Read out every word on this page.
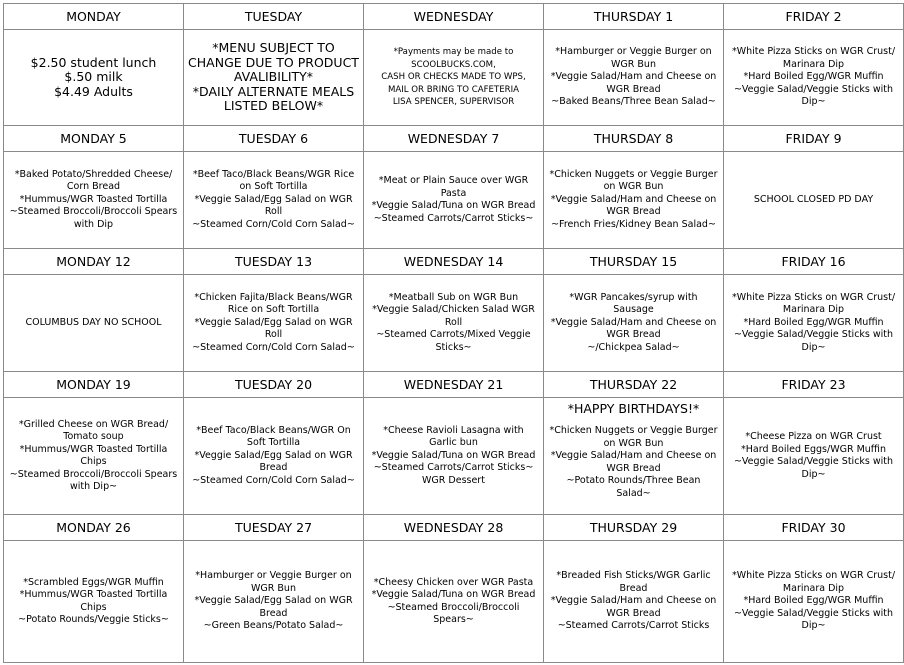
MONDAY	TUESDAY	WEDNESDAY	THURSDAY 1	FRIDAY 2

$2.50 student lunch
$.50 milk
$4.49 Adults	*MENU SUBJECT TO CHANGE DUE TO PRODUCT AVALIBILITY*
*DAILY ALTERNATE MEALS LISTED BELOW*	*Payments may be made to SCOOLBUCKS.COM,
CASH OR CHECKS MADE TO WPS,
MAIL OR BRING TO CAFETERIA
LISA SPENCER, SUPERVISOR	*Hamburger or Veggie Burger on WGR Bun
*Veggie Salad/Ham and Cheese on WGR Bread
~Baked Beans/Three Bean Salad~	*White Pizza Sticks on WGR Crust/ Marinara Dip
*Hard Boiled Egg/WGR Muffin
~Veggie Salad/Veggie Sticks with Dip~

MONDAY 5	TUESDAY 6	WEDNESDAY 7	THURSDAY 8	FRIDAY 9

*Baked Potato/Shredded Cheese/ Corn Bread
*Hummus/WGR Toasted Tortilla
~Steamed Broccoli/Broccoli Spears with Dip	*Beef Taco/Black Beans/WGR Rice on Soft Tortilla
*Veggie Salad/Egg Salad on WGR Roll
~Steamed Corn/Cold Corn Salad~	*Meat or Plain Sauce over WGR Pasta
*Veggie Salad/Tuna on WGR Bread
~Steamed Carrots/Carrot Sticks~	*Chicken Nuggets or Veggie Burger on WGR Bun
*Veggie Salad/Ham and Cheese on WGR Bread
~French Fries/Kidney Bean Salad~	SCHOOL CLOSED PD DAY

MONDAY 12	TUESDAY 13	WEDNESDAY 14	THURSDAY 15	FRIDAY 16

COLUMBUS DAY NO SCHOOL	*Chicken Fajita/Black Beans/WGR Rice on Soft Tortilla
*Veggie Salad/Egg Salad on WGR Roll
~Steamed Corn/Cold Corn Salad~	*Meatball Sub on WGR Bun
*Veggie Salad/Chicken Salad WGR Roll
~Steamed Carrots/Mixed Veggie Sticks~	*WGR Pancakes/syrup with Sausage
*Veggie Salad/Ham and Cheese on WGR Bread
~/Chickpea Salad~	*White Pizza Sticks on WGR Crust/ Marinara Dip
*Hard Boiled Egg/WGR Muffin
~Veggie Salad/Veggie Sticks with Dip~

MONDAY 19	TUESDAY 20	WEDNESDAY 21	THURSDAY 22	FRIDAY 23

*Grilled Cheese on WGR Bread/ Tomato soup
*Hummus/WGR Toasted Tortilla Chips
~Steamed Broccoli/Broccoli Spears with Dip~	*Beef Taco/Black Beans/WGR On Soft Tortilla
*Veggie Salad/Egg Salad on WGR Bread
~Steamed Corn/Cold Corn Salad~	*Cheese Ravioli Lasagna with Garlic bun
*Veggie Salad/Tuna on WGR Bread
~Steamed Carrots/Carrot Sticks~
WGR Dessert	*HAPPY BIRTHDAYS!*
*Chicken Nuggets or Veggie Burger on WGR Bun
*Veggie Salad/Ham and Cheese on WGR Bread
~Potato Rounds/Three Bean Salad~	*Cheese Pizza on WGR Crust
*Hard Boiled Eggs/WGR Muffin
~Veggie Salad/Veggie Sticks with Dip~

MONDAY 26	TUESDAY 27	WEDNESDAY 28	THURSDAY 29	FRIDAY 30

*Scrambled Eggs/WGR Muffin
*Hummus/WGR Toasted Tortilla Chips
~Potato Rounds/Veggie Sticks~	*Hamburger or Veggie Burger on WGR Bun
*Veggie Salad/Egg Salad on WGR Bread
~Green Beans/Potato Salad~	*Cheesy Chicken over WGR Pasta
*Veggie Salad/Tuna on WGR Bread
~Steamed Broccoli/Broccoli Spears~	*Breaded Fish Sticks/WGR Garlic Bread
*Veggie Salad/Ham and Cheese on WGR Bread
~Steamed Carrots/Carrot Sticks	*White Pizza Sticks on WGR Crust/ Marinara Dip
*Hard Boiled Egg/WGR Muffin
~Veggie Salad/Veggie Sticks with Dip~
